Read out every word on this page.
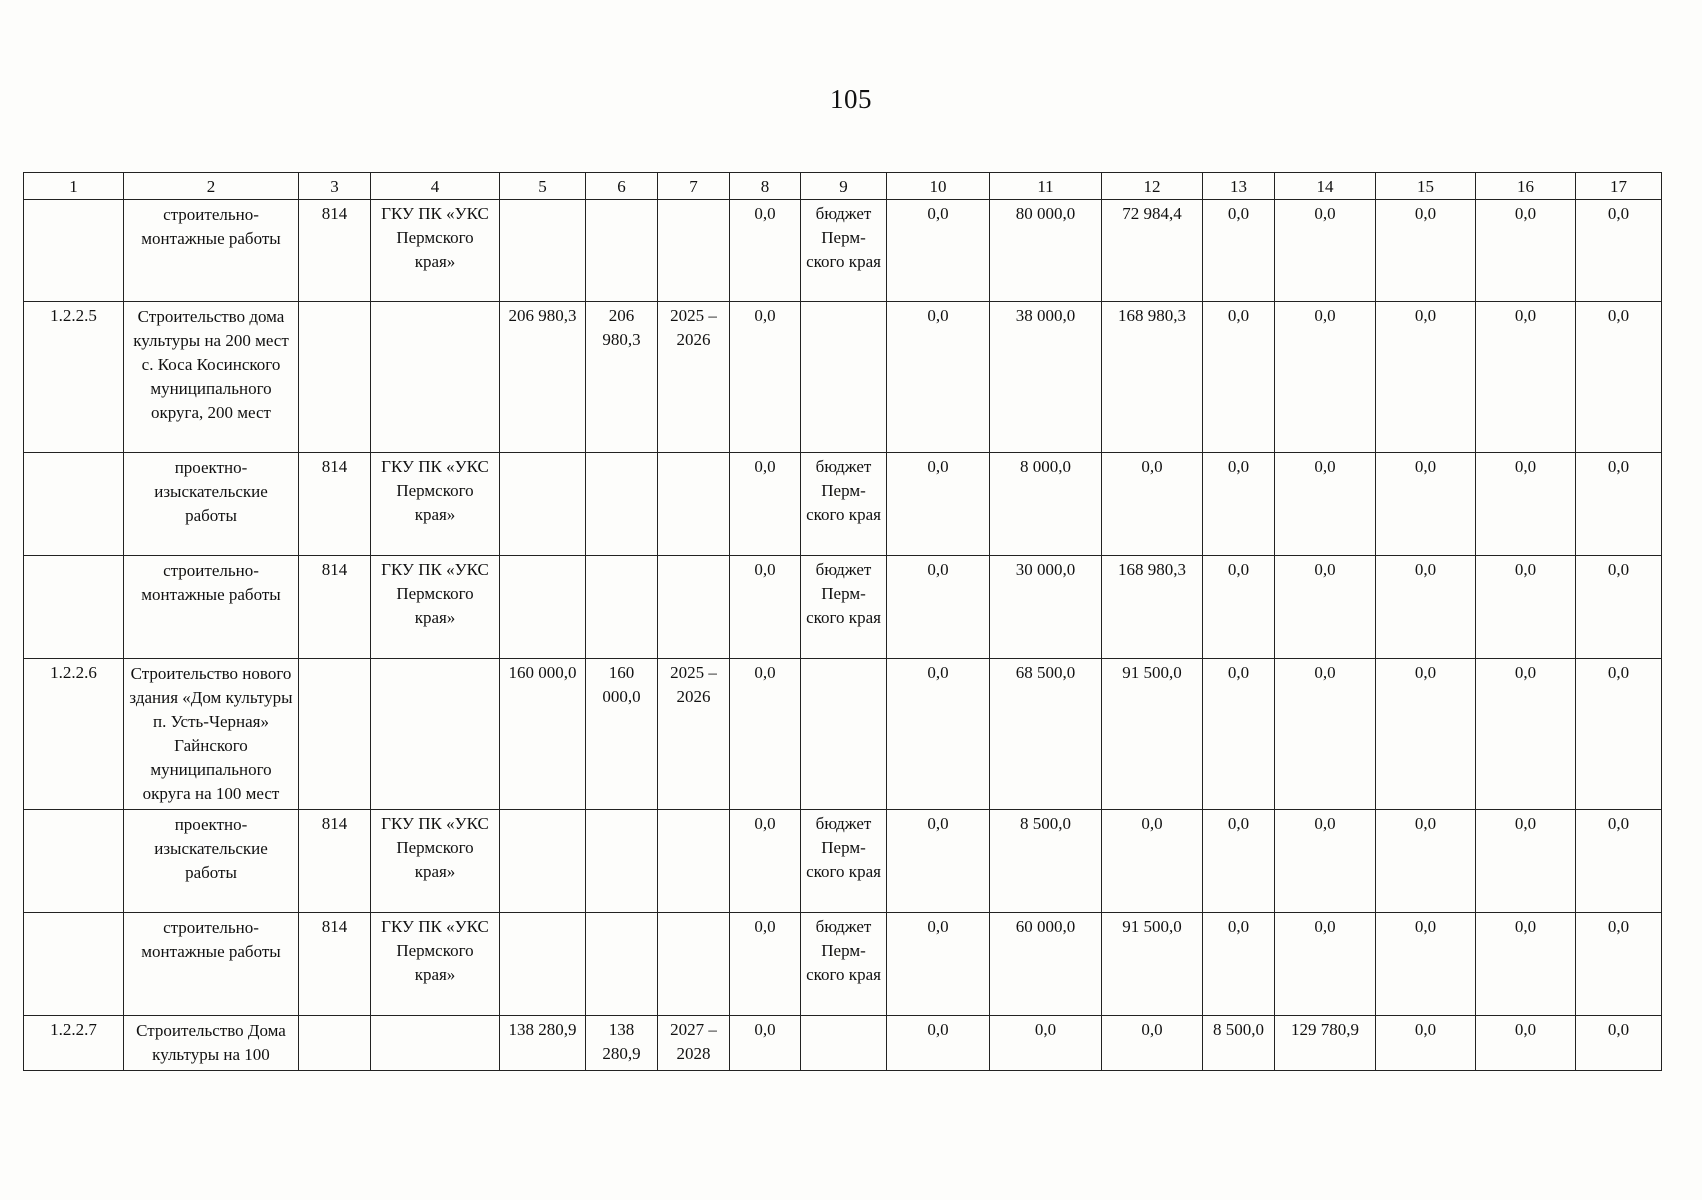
105
1	2	3	4	5	6	7	8	9	10	11	12	13	14	15	16	17
	строительно-монтажные работы	814	ГКУ ПК «УКС Пермского края»				0,0	бюджет Перм-ского края	0,0	80 000,0	72 984,4	0,0	0,0	0,0	0,0	0,0
1.2.2.5	Строительство дома культуры на 200 мест с. Коса Косинского муниципального округа, 200 мест			206 980,3	206 980,3	2025 – 2026	0,0		0,0	38 000,0	168 980,3	0,0	0,0	0,0	0,0	0,0
	проектно-изыскательские работы	814	ГКУ ПК «УКС Пермского края»				0,0	бюджет Перм-ского края	0,0	8 000,0	0,0	0,0	0,0	0,0	0,0	0,0
	строительно-монтажные работы	814	ГКУ ПК «УКС Пермского края»				0,0	бюджет Перм-ского края	0,0	30 000,0	168 980,3	0,0	0,0	0,0	0,0	0,0
1.2.2.6	Строительство нового здания «Дом культуры п. Усть-Черная» Гайнского муниципального округа на 100 мест			160 000,0	160 000,0	2025 – 2026	0,0		0,0	68 500,0	91 500,0	0,0	0,0	0,0	0,0	0,0
	проектно-изыскательские работы	814	ГКУ ПК «УКС Пермского края»				0,0	бюджет Перм-ского края	0,0	8 500,0	0,0	0,0	0,0	0,0	0,0	0,0
	строительно-монтажные работы	814	ГКУ ПК «УКС Пермского края»				0,0	бюджет Перм-ского края	0,0	60 000,0	91 500,0	0,0	0,0	0,0	0,0	0,0
1.2.2.7	Строительство Дома культуры на 100			138 280,9	138 280,9	2027 – 2028	0,0		0,0	0,0	0,0	8 500,0	129 780,9	0,0	0,0	0,0
